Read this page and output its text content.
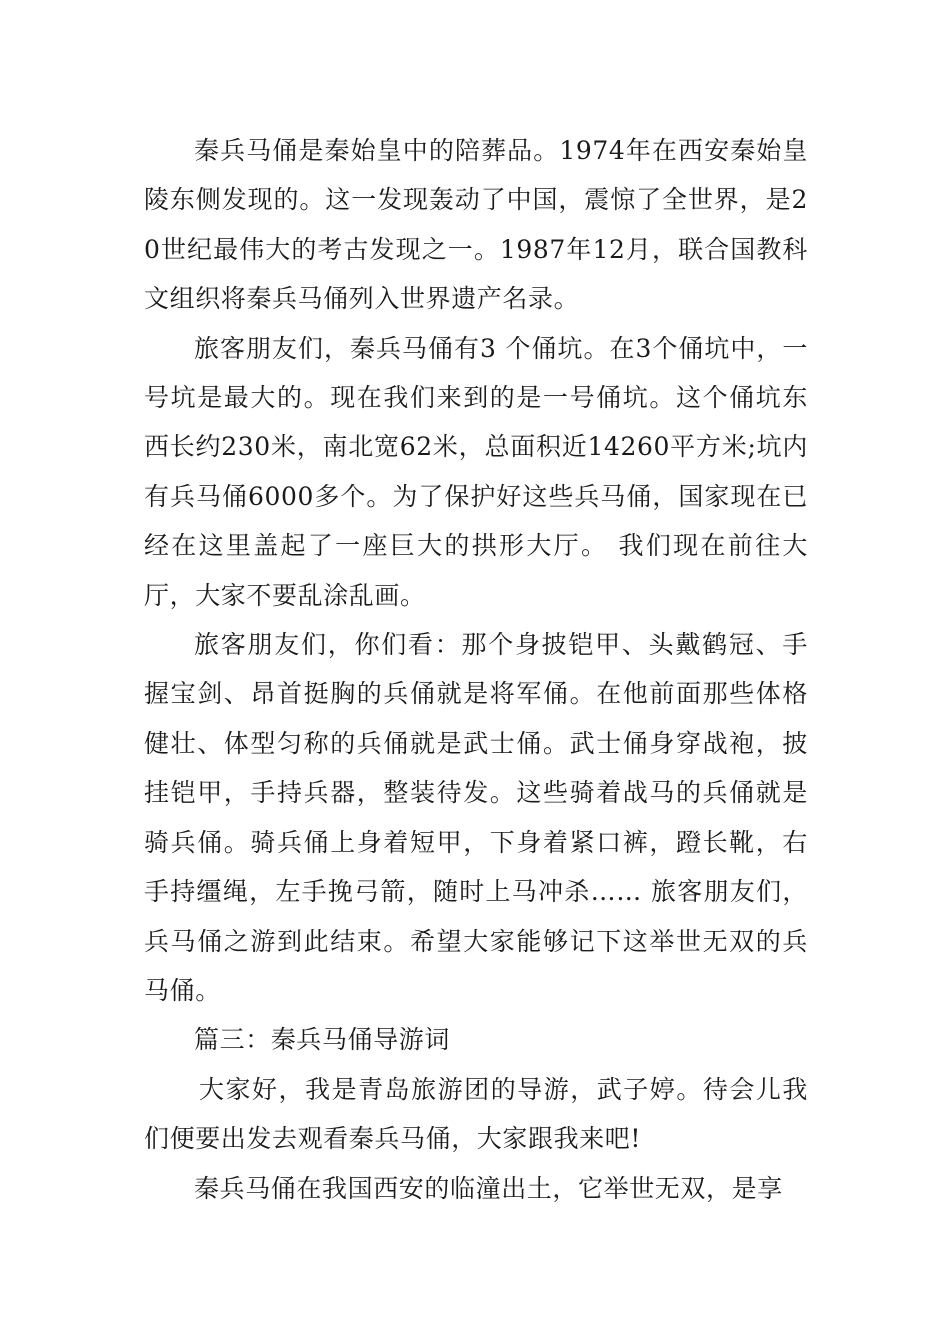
秦兵马俑是秦始皇中的陪葬品。1974年在西安秦始皇陵东侧发现的。这一发现轰动了中国，震惊了全世界，是20世纪最伟大的考古发现之一。1987年12月，联合国教科文组织将秦兵马俑列入世界遗产名录。

旅客朋友们，秦兵马俑有3 个俑坑。在3个俑坑中，一号坑是最大的。现在我们来到的是一号俑坑。这个俑坑东西长约230米，南北宽62米，总面积近14260平方米;坑内有兵马俑6000多个。为了保护好这些兵马俑，国家现在已经在这里盖起了一座巨大的拱形大厅。 我们现在前往大厅，大家不要乱涂乱画。

旅客朋友们，你们看：那个身披铠甲、头戴鹤冠、手握宝剑、昂首挺胸的兵俑就是将军俑。在他前面那些体格健壮、体型匀称的兵俑就是武士俑。武士俑身穿战袍，披挂铠甲，手持兵器，整装待发。这些骑着战马的兵俑就是骑兵俑。骑兵俑上身着短甲，下身着紧口裤，蹬长靴，右手持缰绳，左手挽弓箭，随时上马冲杀…… 旅客朋友们，兵马俑之游到此结束。希望大家能够记下这举世无双的兵马俑。

篇三：秦兵马俑导游词

大家好，我是青岛旅游团的导游，武子婷。待会儿我们便要出发去观看秦兵马俑，大家跟我来吧!

秦兵马俑在我国西安的临潼出土，它举世无双，是享
